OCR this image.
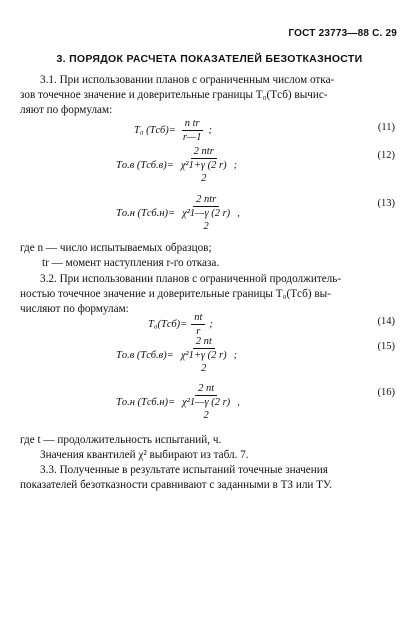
ГОСТ 23773—88 С. 29
3. ПОРЯДОК РАСЧЕТА ПОКАЗАТЕЛЕЙ БЕЗОТКАЗНОСТИ
3.1. При использовании планов с ограниченным числом отка-
зов точечное значение и доверительные границы T₀(Tсб) вычис-
ляют по формулам:
T₀ $(Tсб)= \frac{\text{n tr}}{r—1}$ ;	(11)
Tо.в (Tсб.в)= 2 ntr
χ²1+γ (2 r)
2 ;
(12)
Tо.н (Tсб.н)= 2 ntr
χ²1—γ (2 r)
2 ,
(13)
где n — число испытываемых образцов;
tr — момент наступления r-го отказа.
3.2. При использовании планов с ограниченной продолжитель-
ностью точечное значение и доверительные границы T₀(Tсб) вы-
числяют по формулам:
$T_0(Tсб)= \frac{nt}{r}$ ;	(14)
Tо.в (Tсб.в)= 2 nt
χ²1+γ (2 r)
2 ;
(15)
Tо.н (Tсб.н)= 2 nt
χ²1—γ (2 r)
2 ,
(16)
где t — продолжительность испытаний, ч.
Значения квантилей χ² выбирают из табл. 7.
3.3. Полученные в результате испытаний точечные значения
показателей безотказности сравнивают с заданными в ТЗ или ТУ.
